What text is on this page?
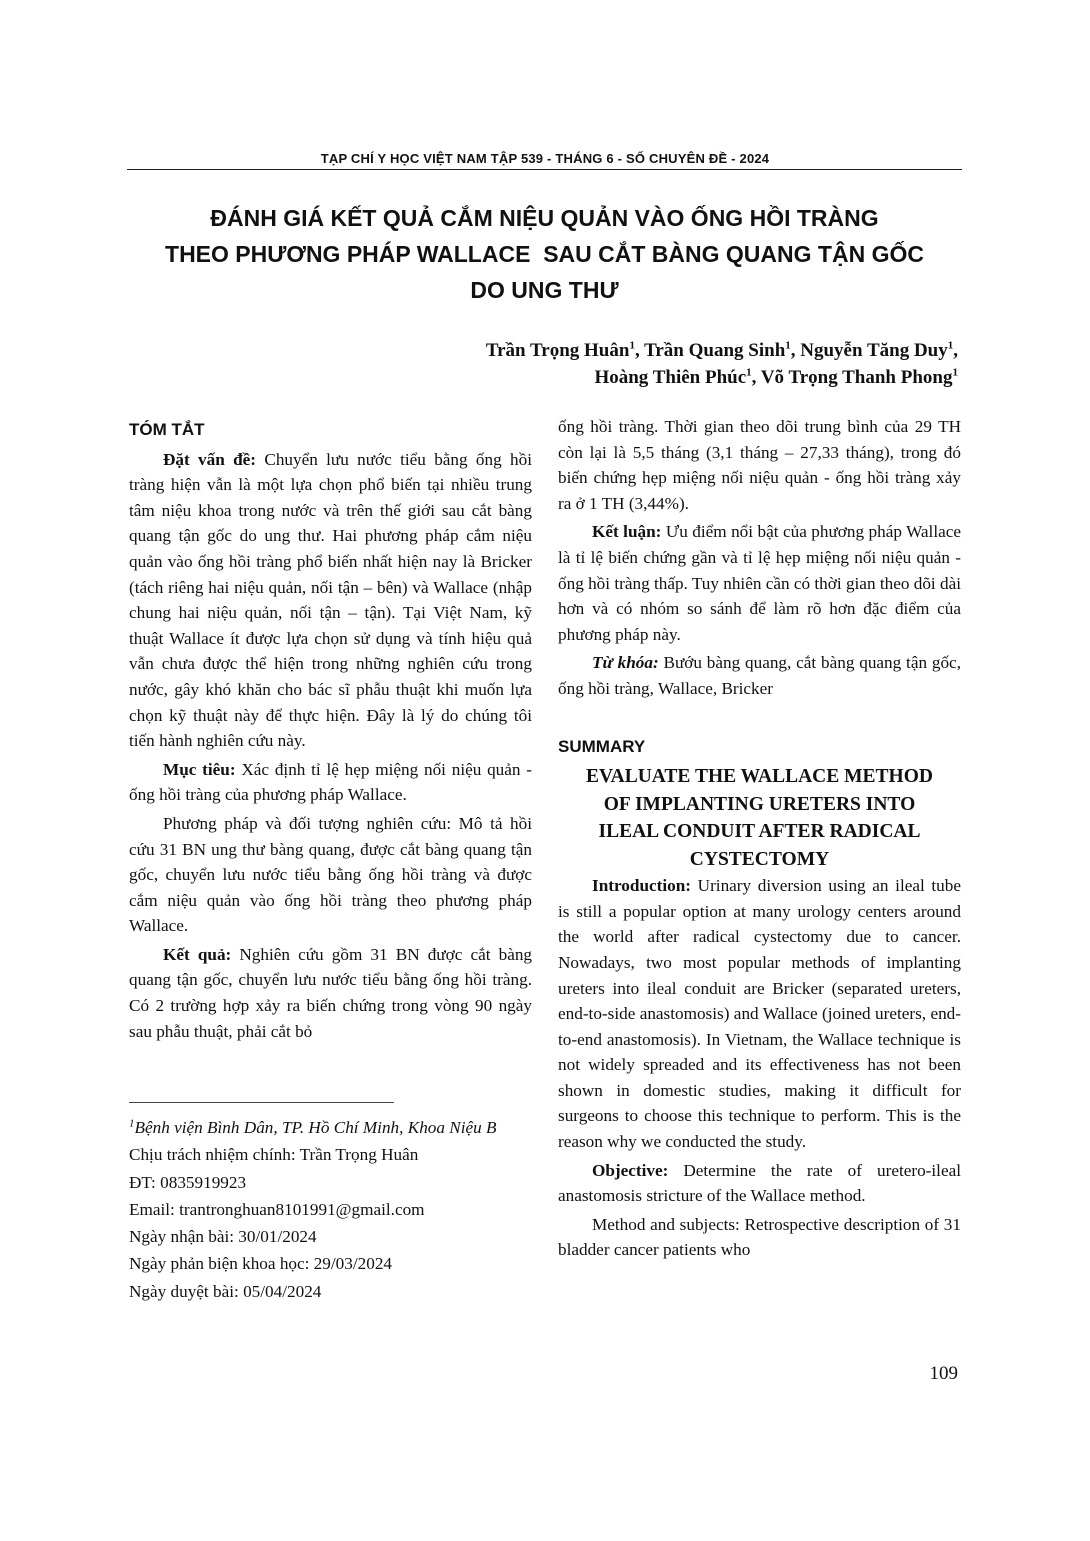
TẠP CHÍ Y HỌC VIỆT NAM TẬP 539 - THÁNG 6 - SỐ CHUYÊN ĐỀ - 2024
ĐÁNH GIÁ KẾT QUẢ CẮM NIỆU QUẢN VÀO ỐNG HỒI TRÀNG
THEO PHƯƠNG PHÁP WALLACE  SAU CẮT BÀNG QUANG TẬN GỐC
DO UNG THƯ
Trần Trọng Huân$^1$, Trần Quang Sinh$^1$, Nguyễn Tăng Duy$^1$,
Hoàng Thiên Phúc$^1$, Võ Trọng Thanh Phong$^1$
TÓM TẮT

Đặt vấn đề: Chuyển lưu nước tiểu bằng ống hồi tràng hiện vẫn là một lựa chọn phổ biến tại nhiều trung tâm niệu khoa trong nước và trên thế giới sau cắt bàng quang tận gốc do ung thư. Hai phương pháp cắm niệu quản vào ống hồi tràng phổ biến nhất hiện nay là Bricker (tách riêng hai niệu quản, nối tận – bên) và Wallace (nhập chung hai niệu quản, nối tận – tận). Tại Việt Nam, kỹ thuật Wallace ít được lựa chọn sử dụng và tính hiệu quả vẫn chưa được thể hiện trong những nghiên cứu trong nước, gây khó khăn cho bác sĩ phẫu thuật khi muốn lựa chọn kỹ thuật này để thực hiện. Đây là lý do chúng tôi tiến hành nghiên cứu này.

Mục tiêu: Xác định tỉ lệ hẹp miệng nối niệu quản - ống hồi tràng của phương pháp Wallace.

Phương pháp và đối tượng nghiên cứu: Mô tả hồi cứu 31 BN ung thư bàng quang, được cắt bàng quang tận gốc, chuyển lưu nước tiểu bằng ống hồi tràng và được cắm niệu quản vào ống hồi tràng theo phương pháp Wallace.

Kết quả: Nghiên cứu gồm 31 BN được cắt bàng quang tận gốc, chuyển lưu nước tiểu bằng ống hồi tràng. Có 2 trường hợp xảy ra biến chứng trong vòng 90 ngày sau phẫu thuật, phải cắt bỏ

$^1$Bệnh viện Bình Dân, TP. Hồ Chí Minh, Khoa Niệu B
Chịu trách nhiệm chính: Trần Trọng Huân
ĐT: 0835919923
Email: trantronghuan8101991@gmail.com
Ngày nhận bài: 30/01/2024
Ngày phản biện khoa học: 29/03/2024
Ngày duyệt bài: 05/04/2024

ống hồi tràng. Thời gian theo dõi trung bình của 29 TH còn lại là 5,5 tháng (3,1 tháng – 27,33 tháng), trong đó biến chứng hẹp miệng nối niệu quản - ống hồi tràng xảy ra ở 1 TH (3,44%).

Kết luận: Ưu điểm nổi bật của phương pháp Wallace là tỉ lệ biến chứng gần và tỉ lệ hẹp miệng nối niệu quản - ống hồi tràng thấp. Tuy nhiên cần có thời gian theo dõi dài hơn và có nhóm so sánh để làm rõ hơn đặc điểm của phương pháp này.

Từ khóa: Bướu bàng quang, cắt bàng quang tận gốc, ống hồi tràng, Wallace, Bricker

SUMMARY
EVALUATE THE WALLACE METHOD
OF IMPLANTING URETERS INTO
ILEAL CONDUIT AFTER RADICAL
CYSTECTOMY

Introduction: Urinary diversion using an ileal tube is still a popular option at many urology centers around the world after radical cystectomy due to cancer. Nowadays, two most popular methods of implanting ureters into ileal conduit are Bricker (separated ureters, end-to-side anastomosis) and Wallace (joined ureters, end-to-end anastomosis). In Vietnam, the Wallace technique is not widely spreaded and its effectiveness has not been shown in domestic studies, making it difficult for surgeons to choose this technique to perform. This is the reason why we conducted the study.

Objective: Determine the rate of uretero-ileal anastomosis stricture of the Wallace method.

Method and subjects: Retrospective description of 31 bladder cancer patients who

109
